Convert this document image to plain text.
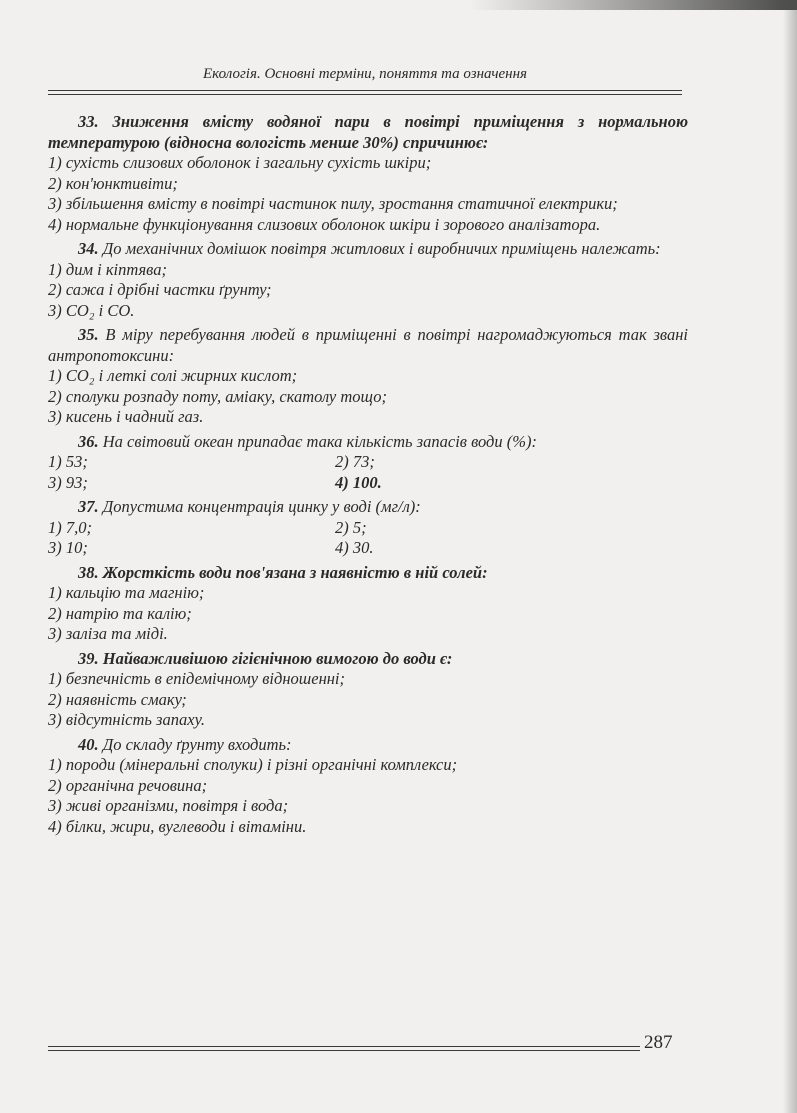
Екологія. Основні терміни, поняття та означення
33. Зниження вмісту водяної пари в повітрі приміщення з нормальною температурою (відносна вологість менше 30%) спричинює:
1) сухість слизових оболонок і загальну сухість шкіри;
2) кон'юнктивіти;
3) збільшення вмісту в повітрі частинок пилу, зростання статичної електрики;
4) нормальне функціонування слизових оболонок шкіри і зорового аналізатора.
34. До механічних домішок повітря житлових і виробничих приміщень належать:
1) дим і кіптява;
2) сажа і дрібні частки ґрунту;
3) CO₂ і CO.
35. В міру перебування людей в приміщенні в повітрі нагромаджуються так звані антропотоксини:
1) CO₂ і леткі солі жирних кислот;
2) сполуки розпаду поту, аміаку, скатолу тощо;
3) кисень і чадний газ.
36. На світовий океан припадає така кількість запасів води (%):
1) 53;	2) 73;
3) 93;	4) 100.
37. Допустима концентрація цинку у воді (мг/л):
1) 7,0;	2) 5;
3) 10;	4) 30.
38. Жорсткість води пов'язана з наявністю в ній солей:
1) кальцію та магнію;
2) натрію та калію;
3) заліза та міді.
39. Найважливішою гігієнічною вимогою до води є:
1) безпечність в епідемічному відношенні;
2) наявність смаку;
3) відсутність запаху.
40. До складу ґрунту входить:
1) породи (мінеральні сполуки) і різні органічні комплекси;
2) органічна речовина;
3) живі організми, повітря і вода;
4) білки, жири, вуглеводи і вітаміни.
287
